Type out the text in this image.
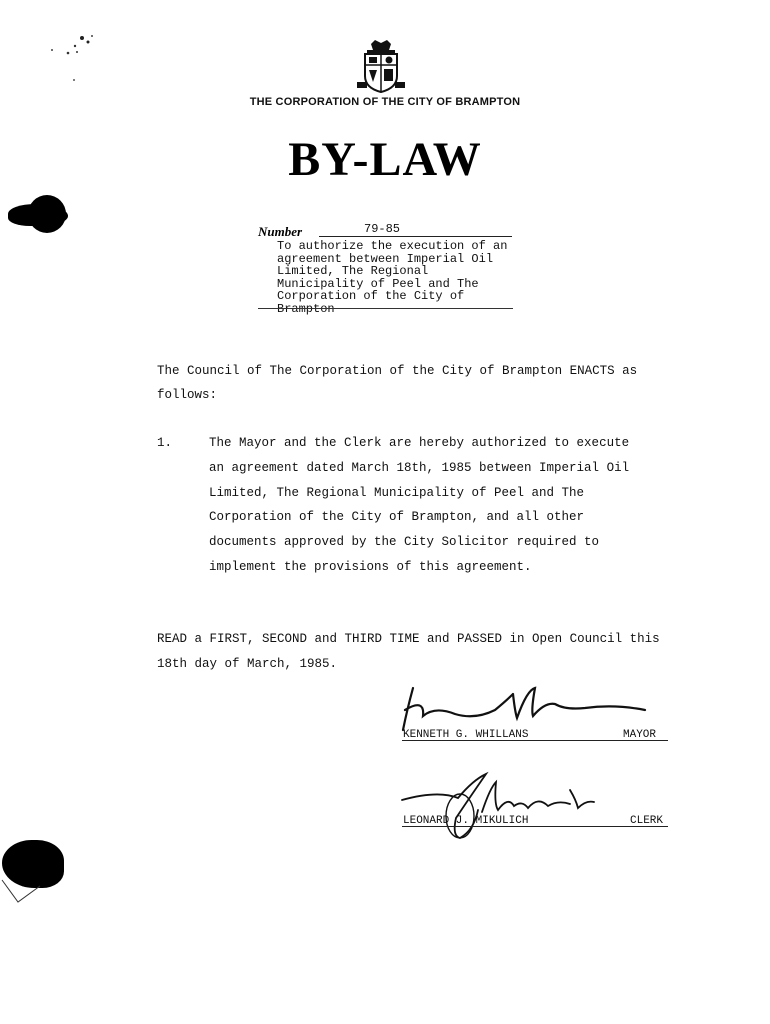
THE CORPORATION OF THE CITY OF BRAMPTON
BY-LAW
Number	79-85
To authorize the execution of an
agreement between Imperial Oil
Limited, The Regional
Municipality of Peel and The
Corporation of the City of
Brampton
The Council of The Corporation of the City of Brampton ENACTS as
follows:
1.	The Mayor and the Clerk are hereby authorized to execute
an agreement dated March 18th, 1985 between Imperial Oil
Limited, The Regional Municipality of Peel and The
Corporation of the City of Brampton, and all other
documents approved by the City Solicitor required to
implement the provisions of this agreement.
READ a FIRST, SECOND and THIRD TIME and PASSED in Open Council this
18th day of March, 1985.
KENNETH G. WHILLANS	MAYOR
LEONARD J. MIKULICH	CLERK
